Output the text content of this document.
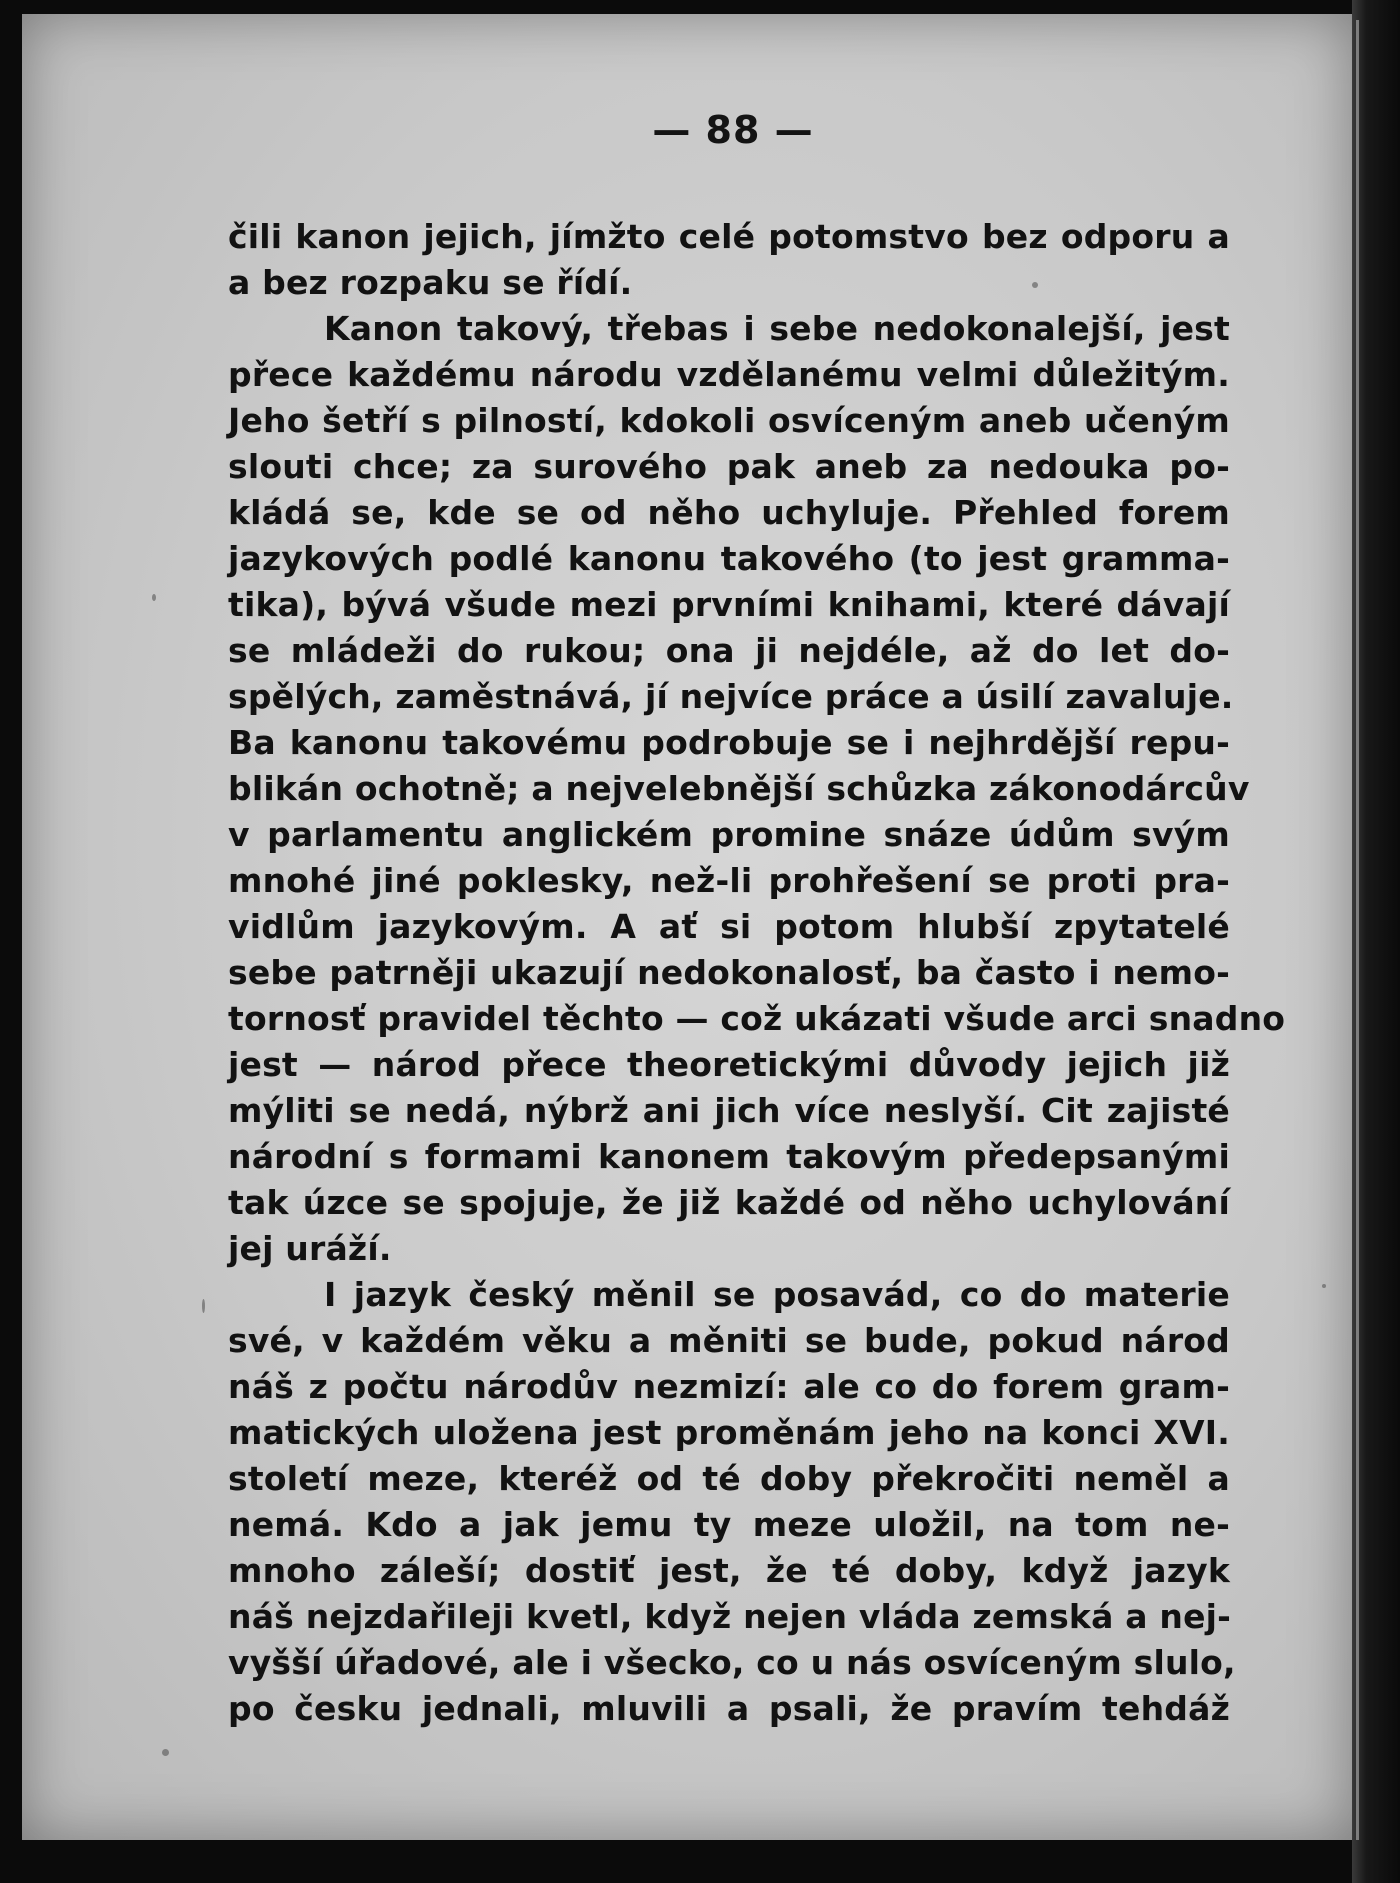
— 88 —
čili kanon jejich, jímžto celé potomstvo bez odporu a
a bez rozpaku se řídí.
Kanon takový, třebas i sebe nedokonalejší, jest
přece každému národu vzdělanému velmi důležitým.
Jeho šetří s pilností, kdokoli osvíceným aneb učeným
slouti chce; za surového pak aneb za nedouka po-
kládá se, kde se od něho uchyluje. Přehled forem
jazykových podlé kanonu takového (to jest gramma-
tika), bývá všude mezi prvními knihami, které dávají
se mládeži do rukou; ona ji nejdéle, až do let do-
spělých, zaměstnává, jí nejvíce práce a úsilí zavaluje.
Ba kanonu takovému podrobuje se i nejhrdější repu-
blikán ochotně; a nejvelebnější schůzka zákonodárcův
v parlamentu anglickém promine snáze údům svým
mnohé jiné poklesky, než-li prohřešení se proti pra-
vidlům jazykovým. A ať si potom hlubší zpytatelé
sebe patrněji ukazují nedokonalosť, ba často i nemo-
tornosť pravidel těchto — což ukázati všude arci snadno
jest — národ přece theoretickými důvody jejich již
mýliti se nedá, nýbrž ani jich více neslyší. Cit zajisté
národní s formami kanonem takovým předepsanými
tak úzce se spojuje, že již každé od něho uchylování
jej uráží.
I jazyk český měnil se posavád, co do materie
své, v každém věku a měniti se bude, pokud národ
náš z počtu národův nezmizí: ale co do forem gram-
matických uložena jest proměnám jeho na konci XVI.
století meze, kteréž od té doby překročiti neměl a
nemá. Kdo a jak jemu ty meze uložil, na tom ne-
mnoho záleší; dostiť jest, že té doby, když jazyk
náš nejzdařileji kvetl, když nejen vláda zemská a nej-
vyšší úřadové, ale i všecko, co u nás osvíceným slulo,
po česku jednali, mluvili a psali, že pravím tehdáž
